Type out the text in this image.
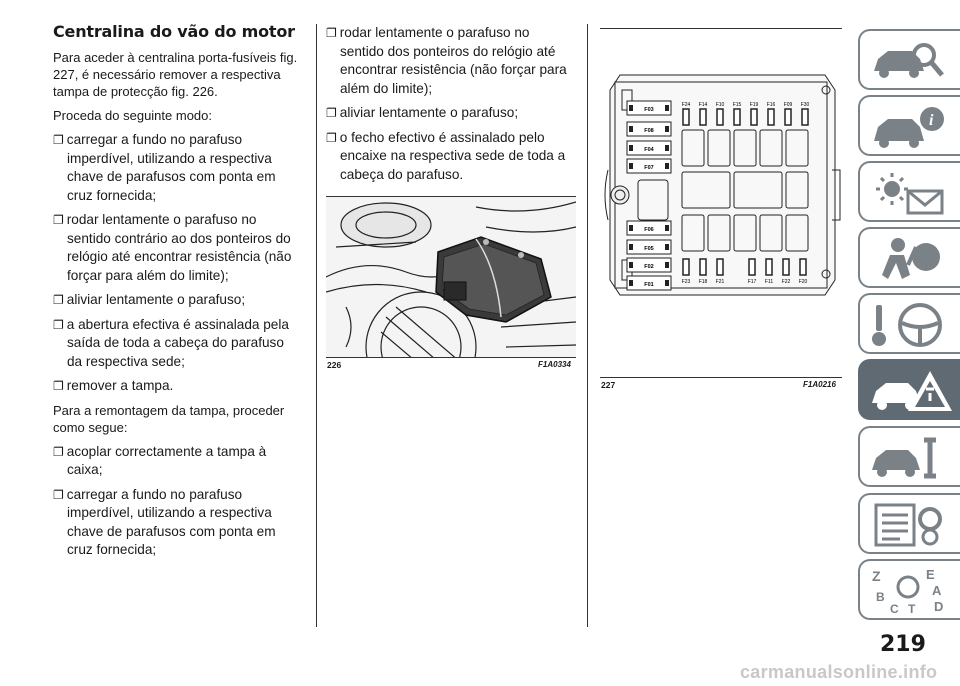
Centralina do vão do motor
Para aceder à centralina porta-fusíveis fig. 227, é necessário remover a respectiva tampa de protecção fig. 226.
Proceda do seguinte modo:
❐ carregar a fundo no parafuso imperdível, utilizando a respectiva chave de parafusos com ponta em cruz fornecida;
❐ rodar lentamente o parafuso no sentido contrário ao dos ponteiros do relógio até encontrar resistência (não forçar para além do limite);
❐ aliviar lentamente o parafuso;
❐ a abertura efectiva é assinalada pela saída de toda a cabeça do parafuso da respectiva sede;
❐ remover a tampa.
Para a remontagem da tampa, proceder como segue:
❐ acoplar correctamente a tampa à caixa;
❐ carregar a fundo no parafuso imperdível, utilizando a respectiva chave de parafusos com ponta em cruz fornecida;
❐ rodar lentamente o parafuso no sentido dos ponteiros do relógio até encontrar resistência (não forçar para além do limite);
❐ aliviar lentamente o parafuso;
❐ o fecho efectivo é assinalado pelo encaixe na respectiva sede de toda a cabeça do parafuso.
226	F1A0334
F03
F08
F04
F07
F06
F05
F02
F01
F24 F14 F10 F15 F19 F16 F09 F30
F23 F18 F21	F17 F11 F22 F20
227	F1A0216
i
Z	E
A
B
C T D
219
carmanualsonline.info
